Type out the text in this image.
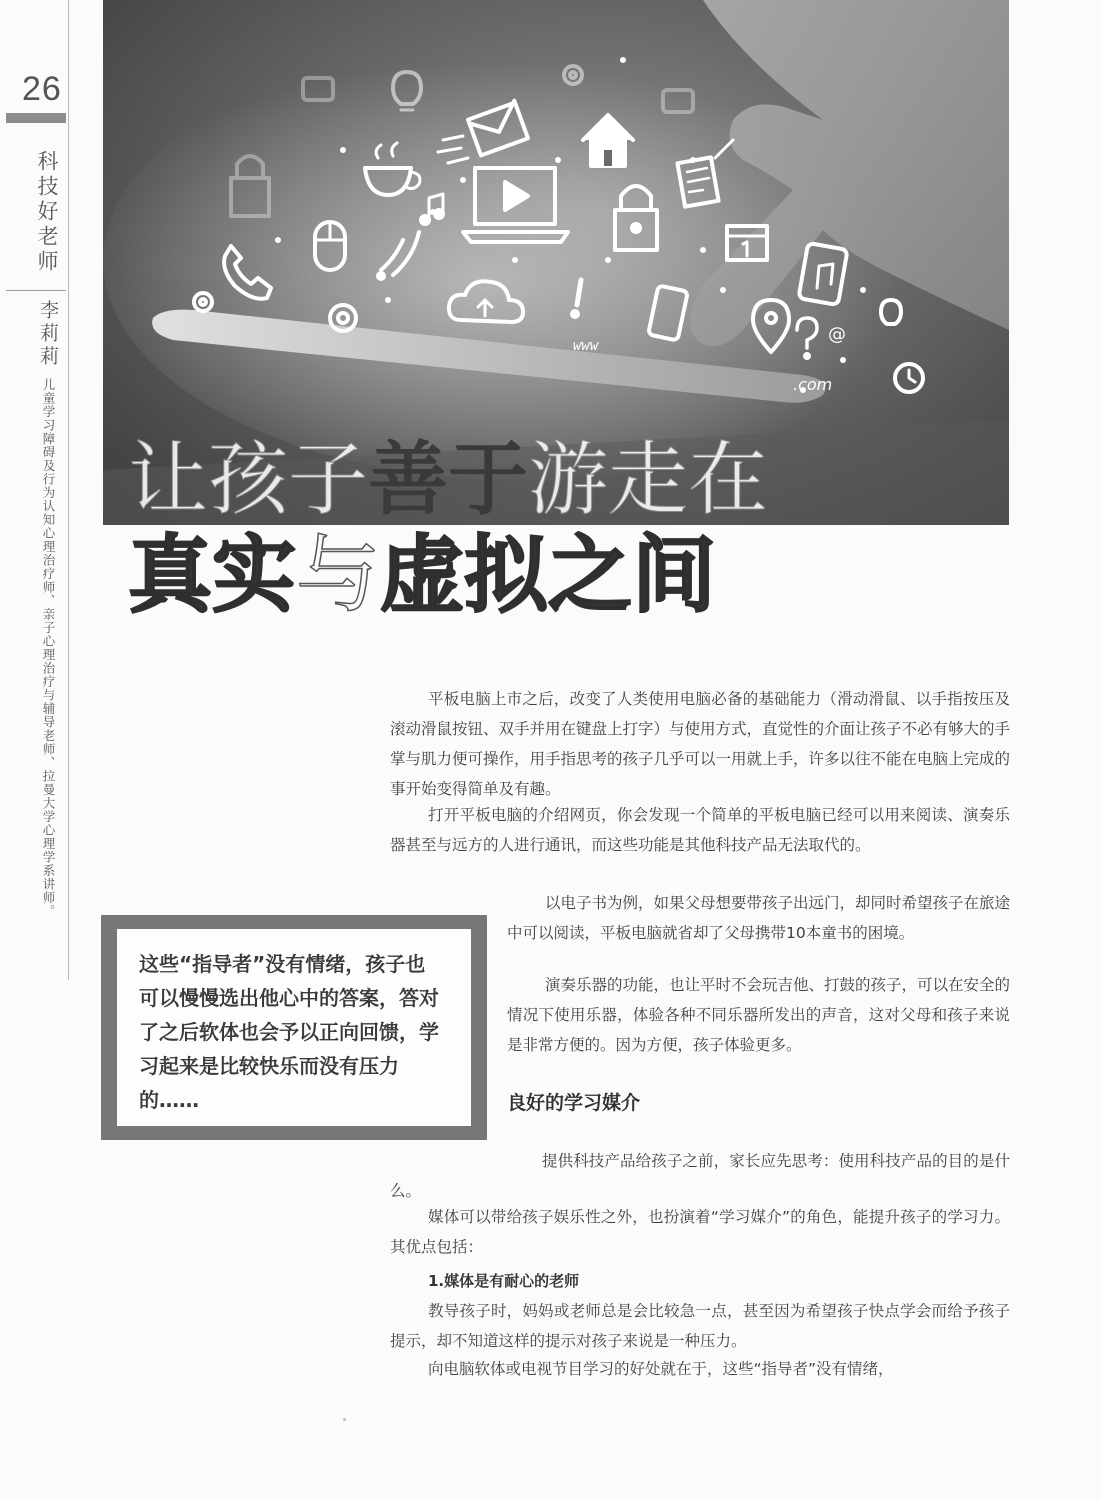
26
科技好老师
李莉莉
儿童学习障碍及行为认知心理治疗师、亲子心理治疗与辅导老师、拉曼大学心理学系讲师。
www
.com
@
让孩子善于游走在
真实与虚拟之间

平板电脑上市之后，改变了人类使用电脑必备的基础能力（滑动滑鼠、以手指按压及滚动滑鼠按钮、双手并用在键盘上打字）与使用方式，直觉性的介面让孩子不必有够大的手掌与肌力便可操作，用手指思考的孩子几乎可以一用就上手，许多以往不能在电脑上完成的事开始变得简单及有趣。

打开平板电脑的介绍网页，你会发现一个简单的平板电脑已经可以用来阅读、演奏乐器甚至与远方的人进行通讯，而这些功能是其他科技产品无法取代的。

以电子书为例，如果父母想要带孩子出远门，却同时希望孩子在旅途中可以阅读，平板电脑就省却了父母携带10本童书的困境。

演奏乐器的功能，也让平时不会玩吉他、打鼓的孩子，可以在安全的情况下使用乐器，体验各种不同乐器所发出的声音，这对父母和孩子来说是非常方便的。因为方便，孩子体验更多。

良好的学习媒介

提供科技产品给孩子之前，家长应先思考：使用科技产品的目的是什么。

媒体可以带给孩子娱乐性之外，也扮演着“学习媒介”的角色，能提升孩子的学习力。其优点包括：

1.媒体是有耐心的老师

教导孩子时，妈妈或老师总是会比较急一点，甚至因为希望孩子快点学会而给予孩子提示，却不知道这样的提示对孩子来说是一种压力。

向电脑软体或电视节目学习的好处就在于，这些“指导者”没有情绪，

这些“指导者”没有情绪，孩子也可以慢慢选出他心中的答案，答对了之后软体也会予以正向回馈，学习起来是比较快乐而没有压力的……
